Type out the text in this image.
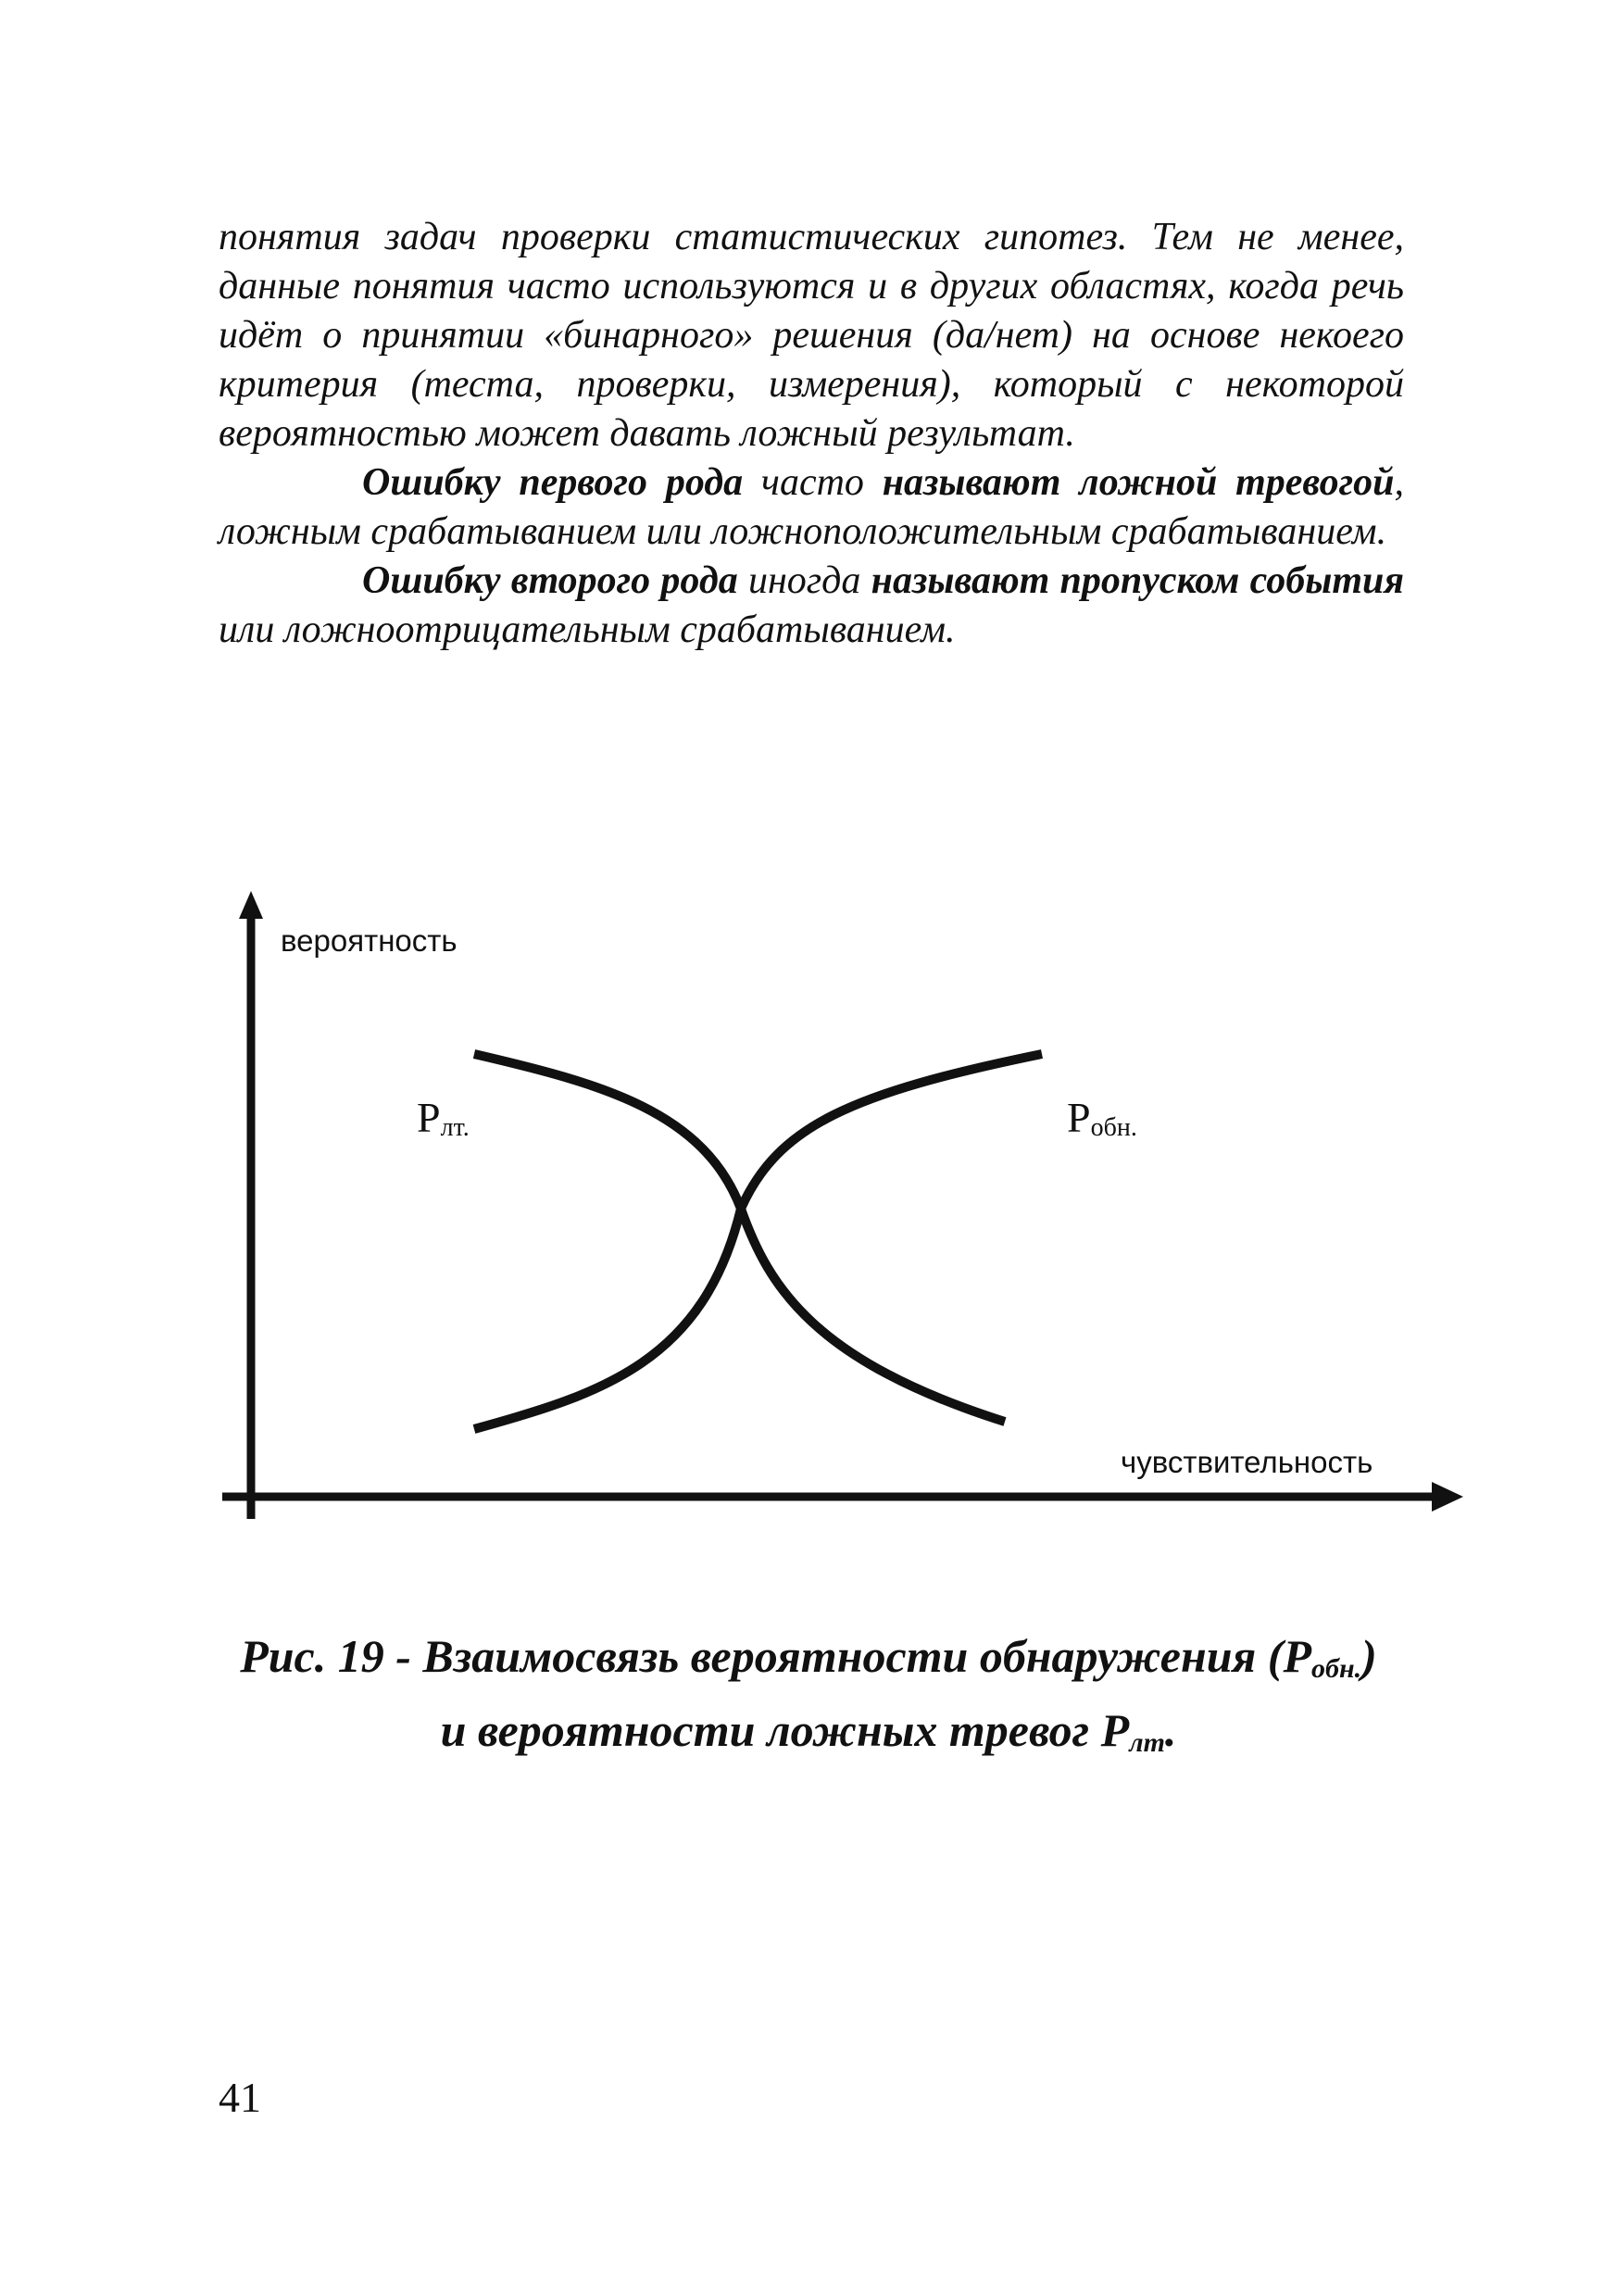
понятия задач проверки статистических гипотез. Тем не менее, данные понятия часто используются и в других областях, когда речь идёт о принятии «бинарного» решения (да/нет) на основе некоего критерия (теста, проверки, измерения), который с некоторой вероятностью может давать ложный результат.

Ошибку первого рода часто называют ложной тревогой, ложным срабатыванием или ложноположительным срабатыванием.

Ошибку второго рода иногда называют пропуском события или ложноотрицательным срабатыванием.

вероятность
чувствительность
Pлт.	Pобн.
Рис. 19 - Взаимосвязь вероятности обнаружения $(P_{обн.})$
и вероятности ложных тревог $P_{лт}$.
41
